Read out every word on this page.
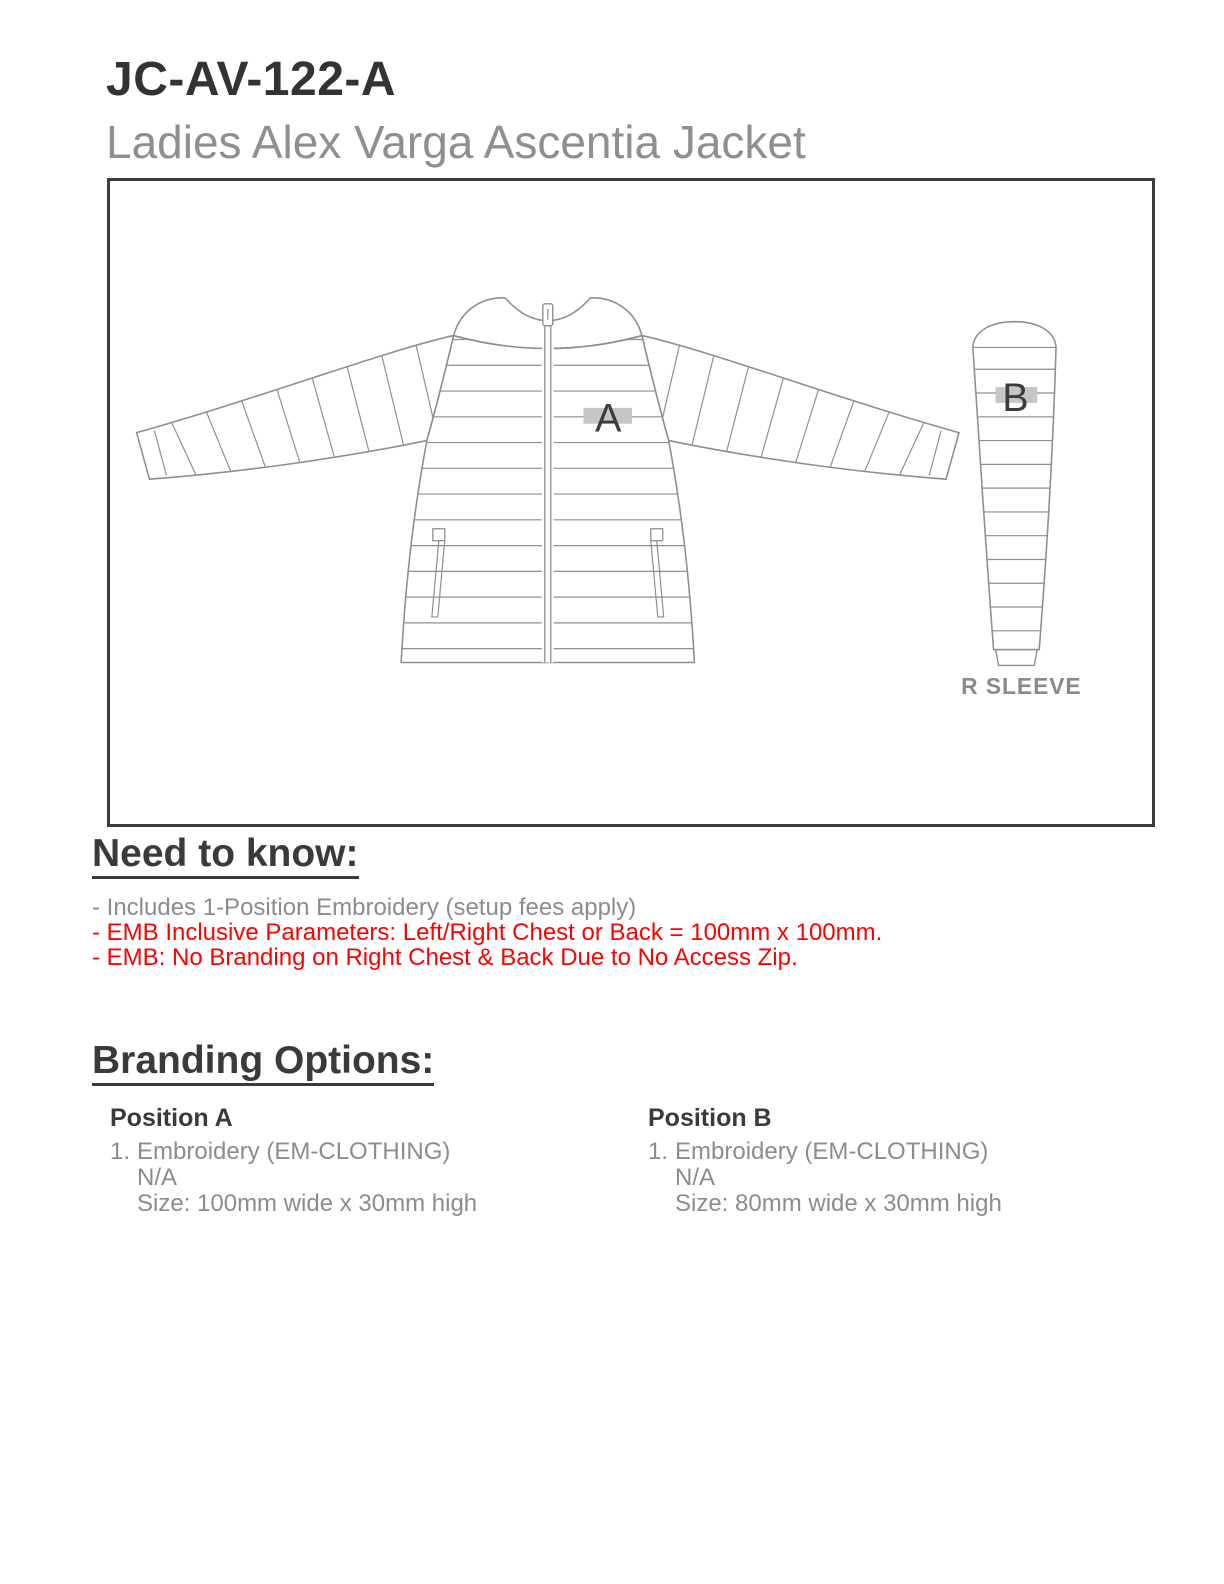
JC-AV-122-A
Ladies Alex Varga Ascentia Jacket
A	B
R SLEEVE
Need to know:

- Includes 1-Position Embroidery (setup fees apply)

- EMB Inclusive Parameters: Left/Right Chest or Back = 100mm x 100mm.

- EMB: No Branding on Right Chest & Back Due to No Access Zip.

Branding Options:
Position A
1. Embroidery (EM-CLOTHING)
N/A
Size: 100mm wide x 30mm high
Position B
1. Embroidery (EM-CLOTHING)
N/A
Size: 80mm wide x 30mm high
